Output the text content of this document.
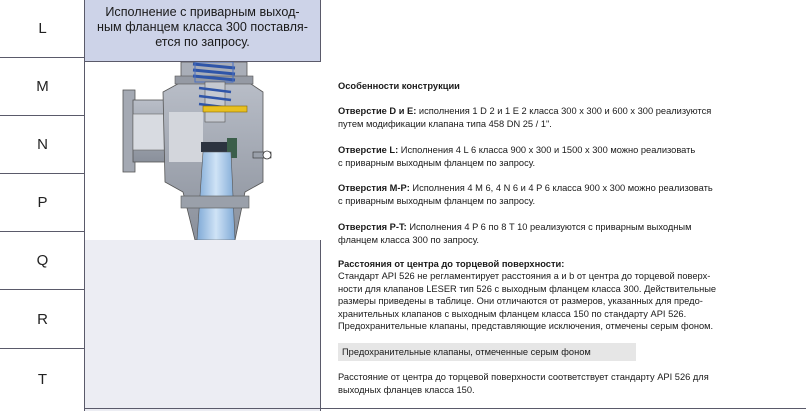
L
M
N
P
Q
R
T

Исполнение с приварным выход-
ным фланцем класса 300 поставля-
ется по запросу.

Особенности конструкции
Отверстие D и E: исполнения 1 D 2 и 1 E 2 класса 300 x 300 и 600 x 300 реализуются
путем модификации клапана типа 458 DN 25 / 1".
Отверстие L: Исполнения 4 L 6 класса 900 x 300 и 1500 x 300 можно реализовать
с приварным выходным фланцем по запросу.
Отверстия M-P: Исполнения 4 M 6, 4 N 6 и 4 P 6 класса 900 x 300 можно реализовать
с приварным выходным фланцем по запросу.
Отверстия P-T: Исполнения 4 P 6 по 8 T 10 реализуются с приварным выходным
фланцем класса 300 по запросу.
Расстояния от центра до торцевой поверхности:
Стандарт API 526 не регламентирует расстояния a и b от центра до торцевой поверх-
ности для клапанов LESER тип 526 с выходным фланцем класса 300. Действительные
размеры приведены в таблице. Они отличаются от размеров, указанных для предо-
хранительных клапанов с выходным фланцем класса 150 по стандарту API 526.
Предохранительные клапаны, представляющие исключения, отмечены серым фоном.
Расстояние от центра до торцевой поверхности соответствует стандарту API 526 для
выходных фланцев класса 150.
Предохранительные клапаны, отмеченные серым фоном
